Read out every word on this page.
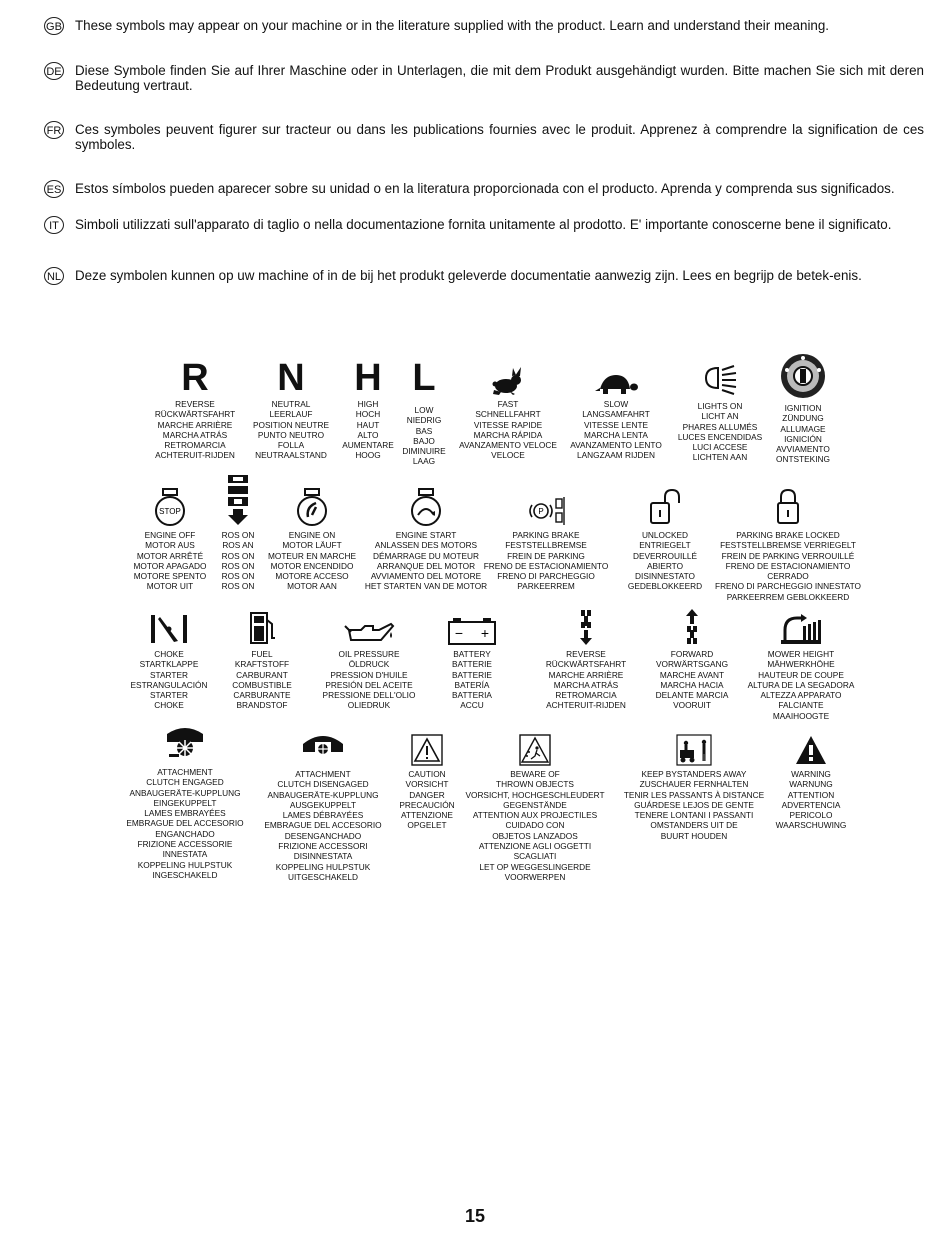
GB These symbols may appear on your machine or in the literature supplied with the product. Learn and understand their meaning.
DE Diese Symbole finden Sie auf Ihrer Maschine oder in Unterlagen, die mit dem Produkt ausgehändigt wurden. Bitte machen Sie sich mit deren Bedeutung vertraut.
FR Ces symboles peuvent figurer sur tracteur ou dans les publications fournies avec le produit. Apprenez à comprendre la signification de ces symboles.
ES Estos símbolos pueden aparecer sobre su unidad o en la literatura proporcionada con el producto. Aprenda y comprenda sus significados.
IT	Simboli utilizzati sull'apparato di taglio o nella documentazione fornita unitamente al prodotto. E' importante conoscerne bene il significato.
NL Deze symbolen kunnen op uw machine of in de bij het produkt geleverde documentatie aanwezig zijn. Lees en begrijp de betek-enis.
R
REVERSE
RÜCKWÄRTSFAHRT
MARCHE ARRIÈRE
MARCHA ATRÁS
RETROMARCIA
ACHTERUIT-RIJDEN
N
NEUTRAL
LEERLAUF
POSITION NEUTRE
PUNTO NEUTRO
FOLLA
NEUTRAALSTAND
H
HIGH
HOCH
HAUT
ALTO
AUMENTARE
HOOG
L
LOW
NIEDRIG
BAS
BAJO
DIMINUIRE
LAAG
FAST
SCHNELLFAHRT
VITESSE RAPIDE
MARCHA RÁPIDA
AVANZAMENTO VELOCE
VELOCE
SLOW
LANGSAMFAHRT
VITESSE LENTE
MARCHA LENTA
AVANZAMENTO LENTO
LANGZAAM RIJDEN
LIGHTS ON
LICHT AN
PHARES ALLUMÉS
LUCES ENCENDIDAS
LUCI ACCESE
LICHTEN AAN
IGNITION
ZÜNDUNG
ALLUMAGE
IGNICIÓN
AVVIAMENTO
ONTSTEKING
STOP
ENGINE OFF
MOTOR AUS
MOTOR ARRÊTÉ
MOTOR APAGADO
MOTORE SPENTO
MOTOR UIT
ROS ON
ROS AN
ROS ON
ROS ON
ROS ON
ROS ON
ENGINE ON
MOTOR LÄUFT
MOTEUR EN MARCHE
MOTOR ENCENDIDO
MOTORE ACCESO
MOTOR AAN
ENGINE START
ANLASSEN DES MOTORS
DÉMARRAGE DU MOTEUR
ARRANQUE DEL MOTOR
AVVIAMENTO DEL MOTORE
HET STARTEN VAN DE MOTOR
P
PARKING BRAKE
FESTSTELLBREMSE
FREIN DE PARKING
FRENO DE ESTACIONAMIENTO
FRENO DI PARCHEGGIO
PARKEERREM
UNLOCKED
ENTRIEGELT
DEVERROUILLÉ
ABIERTO
DISINNESTATO
GEDEBLOKKEERD
PARKING BRAKE LOCKED
FESTSTELLBREMSE VERRIEGELT
FREIN DE PARKING VERROUILLÉ
FRENO DE ESTACIONAMIENTO
CERRADO
FRENO DI PARCHEGGIO INNESTATO
PARKEERREM GEBLOKKEERD
CHOKE
STARTKLAPPE
STARTER
ESTRANGULACIÓN
STARTER
CHOKE
FUEL
KRAFTSTOFF
CARBURANT
COMBUSTIBLE
CARBURANTE
BRANDSTOF
OIL PRESSURE
ÖLDRUCK
PRESSION D'HUILE
PRESIÓN DEL ACEITE
PRESSIONE DELL'OLIO
OLIEDRUK
− +
BATTERY
BATTERIE
BATTERIE
BATERÍA
BATTERIA
ACCU
REVERSE
RÜCKWÄRTSFAHRT
MARCHE ARRIÈRE
MARCHA ATRÁS
RETROMARCIA
ACHTERUIT-RIJDEN
FORWARD
VORWÄRTSGANG
MARCHE AVANT
MARCHA HACIA
DELANTE MARCIA
VOORUIT
MOWER HEIGHT
MÄHWERKHÖHE
HAUTEUR DE COUPE
ALTURA DE LA SEGADORA
ALTEZZA APPARATO
FALCIANTE
MAAIHOOGTE
ATTACHMENT
CLUTCH ENGAGED
ANBAUGERÄTE-KUPPLUNG
EINGEKUPPELT
LAMES EMBRAYÉES
EMBRAGUE DEL ACCESORIO
ENGANCHADO
FRIZIONE ACCESSORIE
INNESTATA
KOPPELING HULPSTUK
INGESCHAKELD
ATTACHMENT
CLUTCH DISENGAGED
ANBAUGERÄTE-KUPPLUNG
AUSGEKUPPELT
LAMES DÉBRAYÉES
EMBRAGUE DEL ACCESORIO
DESENGANCHADO
FRIZIONE ACCESSORI
DISINNESTATA
KOPPELING HULPSTUK
UITGESCHAKELD
CAUTION
VORSICHT
DANGER
PRECAUCIÓN
ATTENZIONE
OPGELET
BEWARE OF
THROWN OBJECTS
VORSICHT, HOCHGESCHLEUDERT
GEGENSTÄNDE
ATTENTION AUX PROJECTILES
CUIDADO CON
OBJETOS LANZADOS
ATTENZIONE AGLI OGGETTI
SCAGLIATI
LET OP WEGGESLINGERDE
VOORWERPEN
KEEP BYSTANDERS AWAY
ZUSCHAUER FERNHALTEN
TENIR LES PASSANTS À DISTANCE
GUÁRDESE LEJOS DE GENTE
TENERE LONTANI I PASSANTI
OMSTANDERS UIT DE
BUURT HOUDEN
WARNING
WARNUNG
ATTENTION
ADVERTENCIA
PERICOLO
WAARSCHUWING
15
